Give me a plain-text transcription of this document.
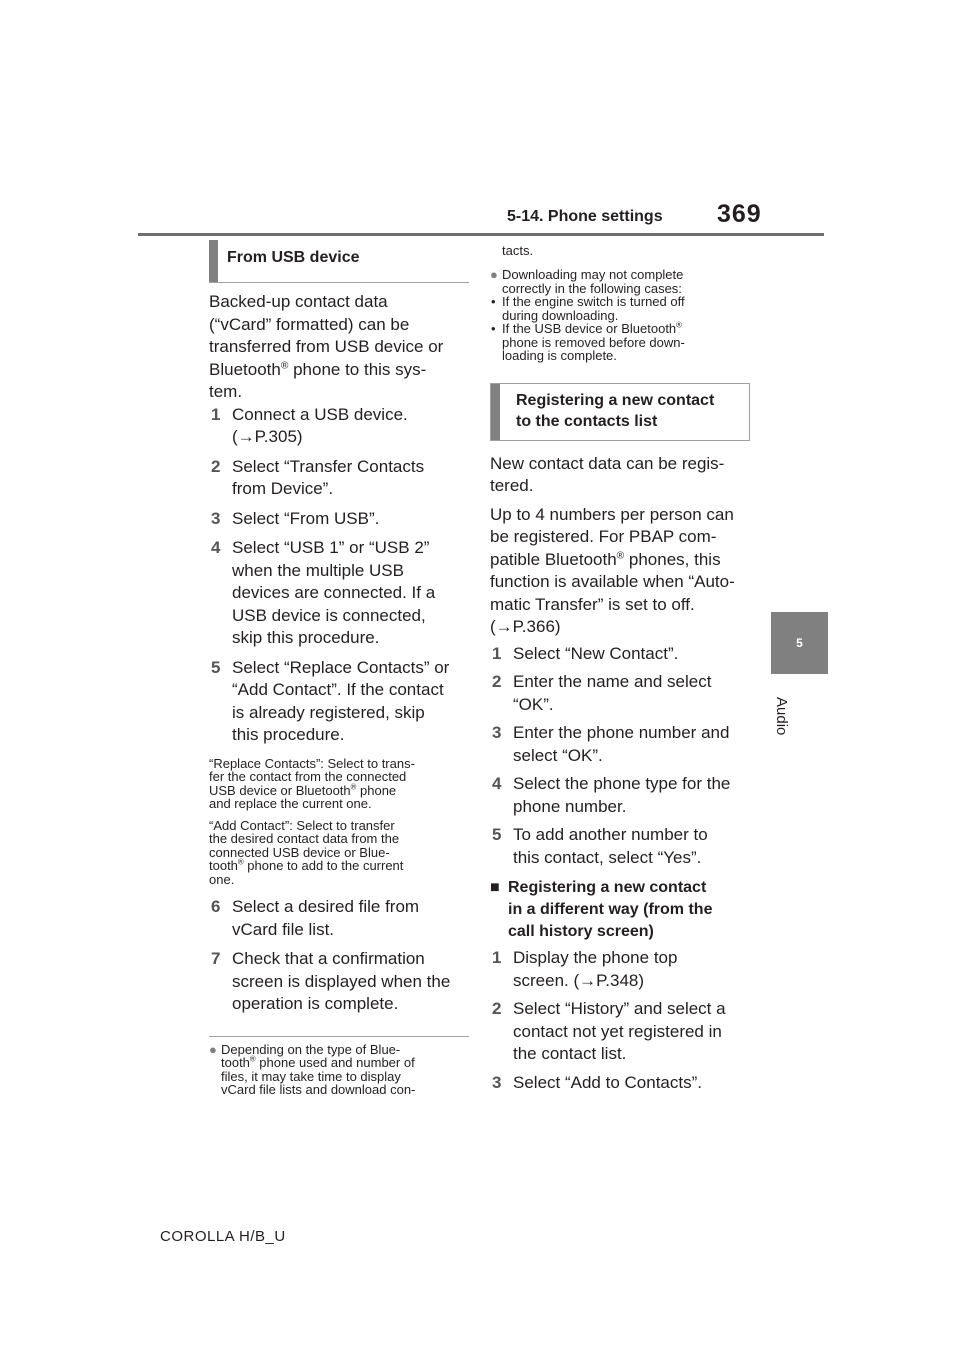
5-14. Phone settings 369
5
Audio
From USB device

Backed-up contact data

(“vCard” formatted) can be

transferred from USB device or

Bluetooth® phone to this sys-

tem.

1 Connect a USB device.
(→P.305)
2 Select “Transfer Contacts
from Device”.
3 Select “From USB”.
4 Select “USB 1” or “USB 2”
when the multiple USB
devices are connected. If a
USB device is connected,
skip this procedure.
5 Select “Replace Contacts” or
“Add Contact”. If the contact
is already registered, skip
this procedure.

“Replace Contacts”: Select to trans-

fer the contact from the connected

USB device or Bluetooth® phone

and replace the current one.

“Add Contact”: Select to transfer

the desired contact data from the

connected USB device or Blue-

tooth® phone to add to the current

one.

6 Select a desired file from
vCard file list.
7 Check that a confirmation
screen is displayed when the
operation is complete.
● Depending on the type of Blue-
tooth® phone used and number of
files, it may take time to display
vCard file lists and download con-
tacts.
● Downloading may not complete
correctly in the following cases:
• If the engine switch is turned off
during downloading.
• If the USB device or Bluetooth®
phone is removed before down-
loading is complete.
Registering a new contact
to the contacts list

New contact data can be regis-

tered.

Up to 4 numbers per person can

be registered. For PBAP com-

patible Bluetooth® phones, this

function is available when “Auto-

matic Transfer” is set to off.

(→P.366)

1 Select “New Contact”.
2 Enter the name and select
“OK”.
3 Enter the phone number and
select “OK”.
4 Select the phone type for the
phone number.
5 To add another number to
this contact, select “Yes”.
■ Registering a new contact
in a different way (from the
call history screen)
1 Display the phone top
screen. (→P.348)
2 Select “History” and select a
contact not yet registered in
the contact list.
3 Select “Add to Contacts”.
COROLLA H/B_U
